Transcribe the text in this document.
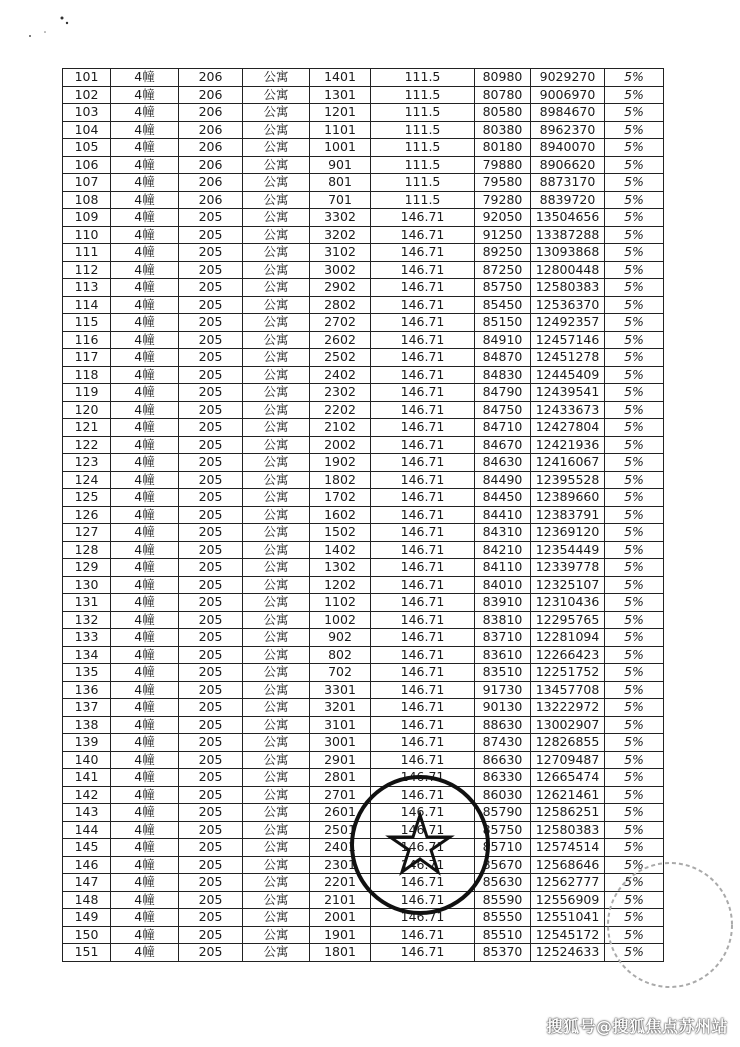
101	4幢	206	公寓	1401	111.5	80980	9029270	5%
102	4幢	206	公寓	1301	111.5	80780	9006970	5%
103	4幢	206	公寓	1201	111.5	80580	8984670	5%
104	4幢	206	公寓	1101	111.5	80380	8962370	5%
105	4幢	206	公寓	1001	111.5	80180	8940070	5%
106	4幢	206	公寓	901	111.5	79880	8906620	5%
107	4幢	206	公寓	801	111.5	79580	8873170	5%
108	4幢	206	公寓	701	111.5	79280	8839720	5%
109	4幢	205	公寓	3302	146.71	92050	13504656	5%
110	4幢	205	公寓	3202	146.71	91250	13387288	5%
111	4幢	205	公寓	3102	146.71	89250	13093868	5%
112	4幢	205	公寓	3002	146.71	87250	12800448	5%
113	4幢	205	公寓	2902	146.71	85750	12580383	5%
114	4幢	205	公寓	2802	146.71	85450	12536370	5%
115	4幢	205	公寓	2702	146.71	85150	12492357	5%
116	4幢	205	公寓	2602	146.71	84910	12457146	5%
117	4幢	205	公寓	2502	146.71	84870	12451278	5%
118	4幢	205	公寓	2402	146.71	84830	12445409	5%
119	4幢	205	公寓	2302	146.71	84790	12439541	5%
120	4幢	205	公寓	2202	146.71	84750	12433673	5%
121	4幢	205	公寓	2102	146.71	84710	12427804	5%
122	4幢	205	公寓	2002	146.71	84670	12421936	5%
123	4幢	205	公寓	1902	146.71	84630	12416067	5%
124	4幢	205	公寓	1802	146.71	84490	12395528	5%
125	4幢	205	公寓	1702	146.71	84450	12389660	5%
126	4幢	205	公寓	1602	146.71	84410	12383791	5%
127	4幢	205	公寓	1502	146.71	84310	12369120	5%
128	4幢	205	公寓	1402	146.71	84210	12354449	5%
129	4幢	205	公寓	1302	146.71	84110	12339778	5%
130	4幢	205	公寓	1202	146.71	84010	12325107	5%
131	4幢	205	公寓	1102	146.71	83910	12310436	5%
132	4幢	205	公寓	1002	146.71	83810	12295765	5%
133	4幢	205	公寓	902	146.71	83710	12281094	5%
134	4幢	205	公寓	802	146.71	83610	12266423	5%
135	4幢	205	公寓	702	146.71	83510	12251752	5%
136	4幢	205	公寓	3301	146.71	91730	13457708	5%
137	4幢	205	公寓	3201	146.71	90130	13222972	5%
138	4幢	205	公寓	3101	146.71	88630	13002907	5%
139	4幢	205	公寓	3001	146.71	87430	12826855	5%
140	4幢	205	公寓	2901	146.71	86630	12709487	5%
141	4幢	205	公寓	2801	146.71	86330	12665474	5%
142	4幢	205	公寓	2701	146.71	86030	12621461	5%
143	4幢	205	公寓	2601	146.71	85790	12586251	5%
144	4幢	205	公寓	2501	146.71	85750	12580383	5%
145	4幢	205	公寓	2401	146.71	85710	12574514	5%
146	4幢	205	公寓	2301	146.71	85670	12568646	5%
147	4幢	205	公寓	2201	146.71	85630	12562777	5%
148	4幢	205	公寓	2101	146.71	85590	12556909	5%
149	4幢	205	公寓	2001	146.71	85550	12551041	5%
150	4幢	205	公寓	1901	146.71	85510	12545172	5%
151	4幢	205	公寓	1801	146.71	85370	12524633	5%
搜狐号@搜狐焦点苏州站
